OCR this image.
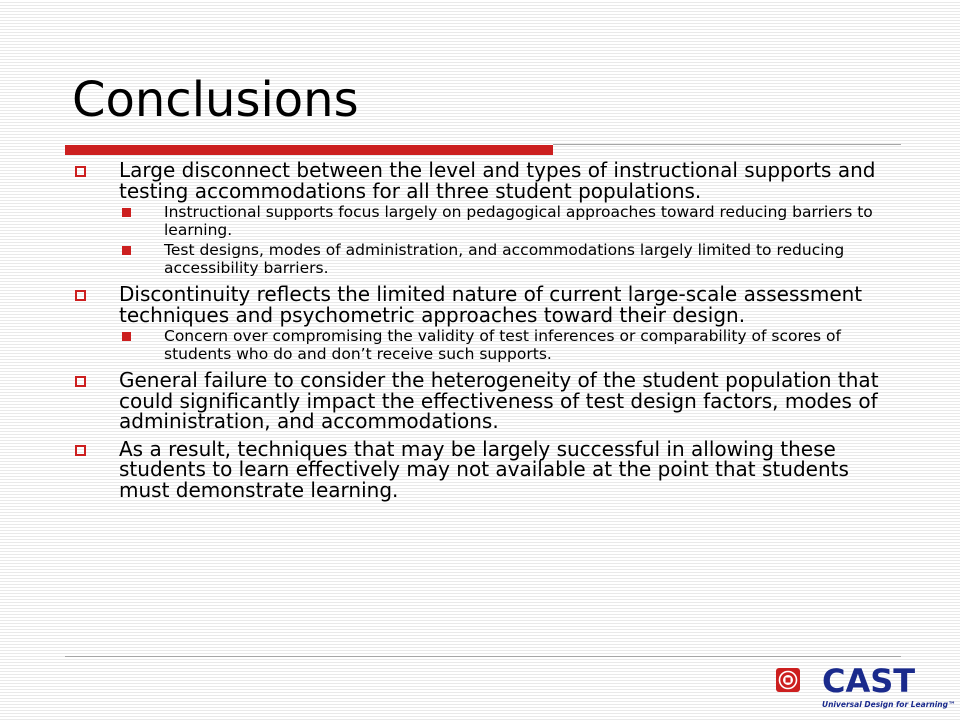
Conclusions
Large disconnect between the level and types of instructional supports and testing accommodations for all three student populations.
Instructional supports focus largely on pedagogical approaches toward reducing barriers to learning.
Test designs, modes of administration, and accommodations largely limited to reducing accessibility barriers.
Discontinuity reflects the limited nature of current large-scale assessment techniques and psychometric approaches toward their design.
Concern over compromising the validity of test inferences or comparability of scores of students who do and don’t receive such supports.
General failure to consider the heterogeneity of the student population that could significantly impact the effectiveness of test design factors, modes of administration, and accommodations.
As a result, techniques that may be largely successful in allowing these students to learn effectively may not available at the point that students must demonstrate learning.
CAST
Universal Design for Learning™
